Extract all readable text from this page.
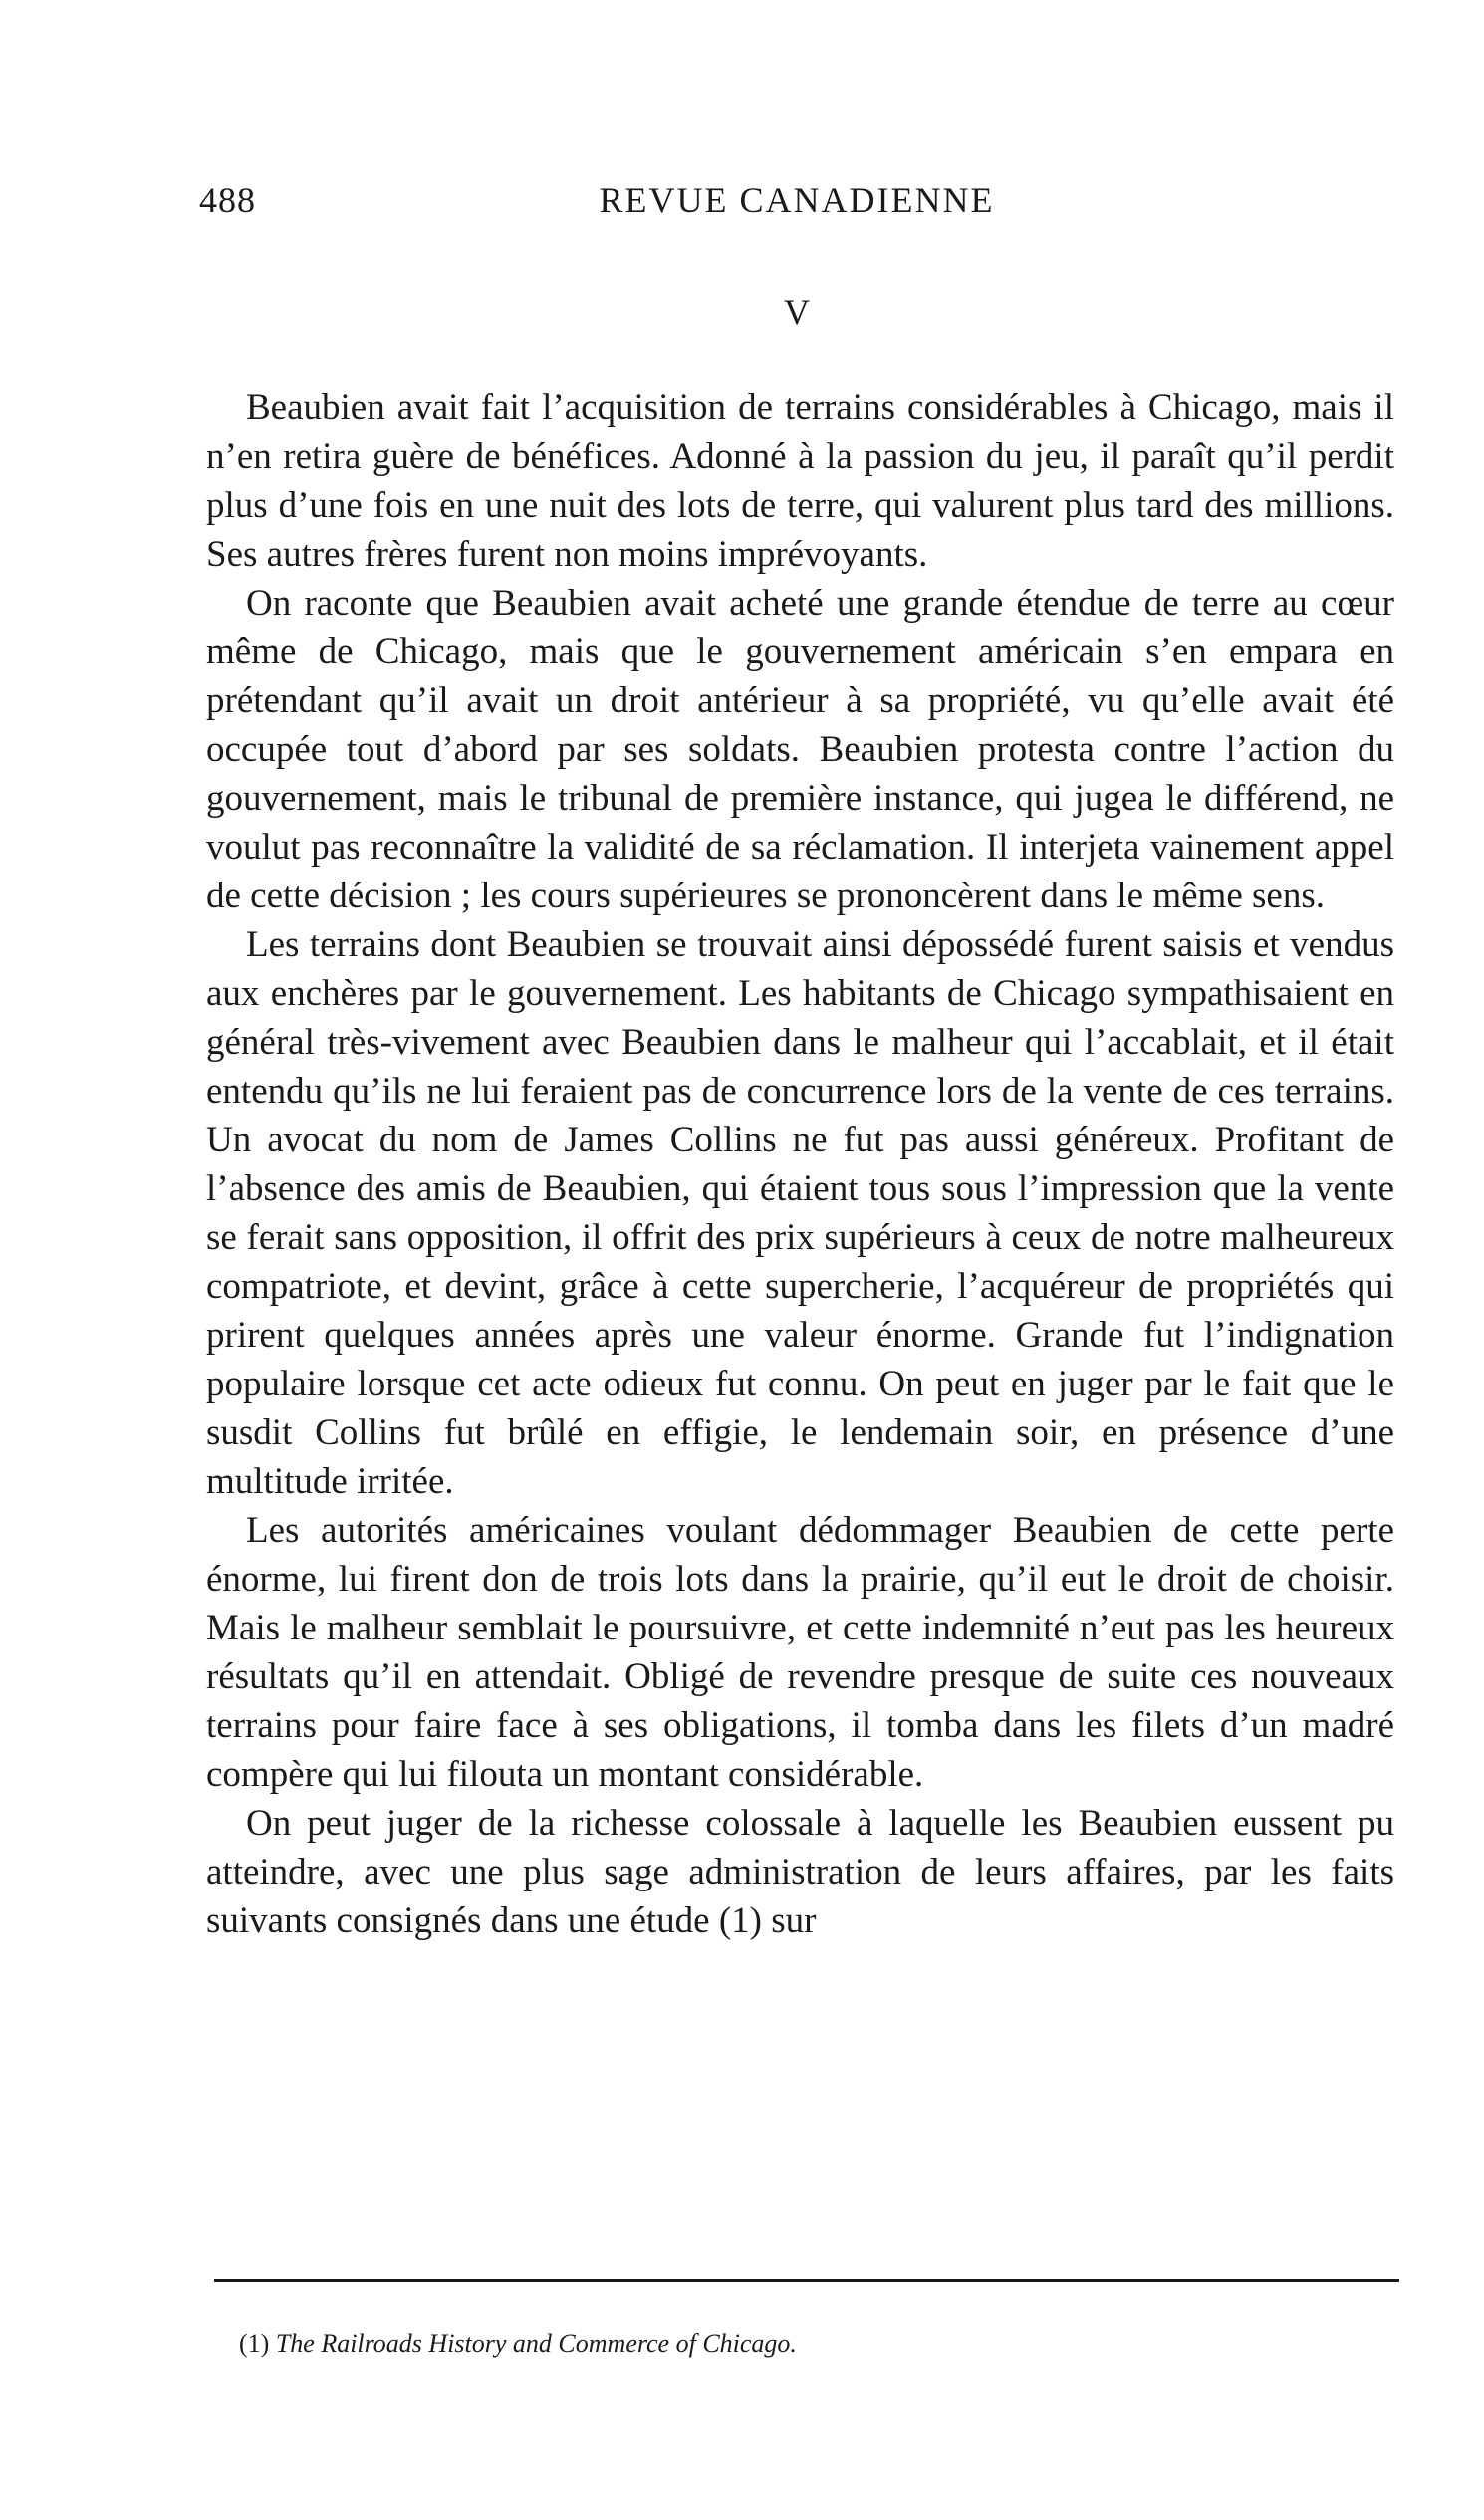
488	REVUE CANADIENNE
V

Beaubien avait fait l’acquisition de terrains considérables à Chicago, mais il n’en retira guère de bénéfices. Adonné à la passion du jeu, il paraît qu’il perdit plus d’une fois en une nuit des lots de terre, qui valurent plus tard des millions. Ses autres frères furent non moins imprévoyants.

On raconte que Beaubien avait acheté une grande étendue de terre au cœur même de Chicago, mais que le gouvernement américain s’en empara en prétendant qu’il avait un droit antérieur à sa propriété, vu qu’elle avait été occupée tout d’abord par ses soldats. Beaubien protesta contre l’action du gouvernement, mais le tribunal de première instance, qui jugea le différend, ne voulut pas reconnaître la validité de sa réclamation. Il interjeta vainement appel de cette décision ; les cours supérieures se prononcèrent dans le même sens.

Les terrains dont Beaubien se trouvait ainsi dépossédé furent saisis et vendus aux enchères par le gouvernement. Les habitants de Chicago sympathisaient en général très-vivement avec Beaubien dans le malheur qui l’accablait, et il était entendu qu’ils ne lui feraient pas de concurrence lors de la vente de ces terrains. Un avocat du nom de James Collins ne fut pas aussi généreux. Profitant de l’absence des amis de Beaubien, qui étaient tous sous l’impression que la vente se ferait sans opposition, il offrit des prix supérieurs à ceux de notre malheureux compatriote, et devint, grâce à cette supercherie, l’acquéreur de propriétés qui prirent quelques années après une valeur énorme. Grande fut l’indignation populaire lorsque cet acte odieux fut connu. On peut en juger par le fait que le susdit Collins fut brûlé en effigie, le lendemain soir, en présence d’une multitude irritée.

Les autorités américaines voulant dédommager Beaubien de cette perte énorme, lui firent don de trois lots dans la prairie, qu’il eut le droit de choisir. Mais le malheur semblait le poursuivre, et cette indemnité n’eut pas les heureux résultats qu’il en attendait. Obligé de revendre presque de suite ces nouveaux terrains pour faire face à ses obligations, il tomba dans les filets d’un madré compère qui lui filouta un montant considérable.

On peut juger de la richesse colossale à laquelle les Beaubien eussent pu atteindre, avec une plus sage administration de leurs affaires, par les faits suivants consignés dans une étude (1) sur

(1) The Railroads History and Commerce of Chicago.
